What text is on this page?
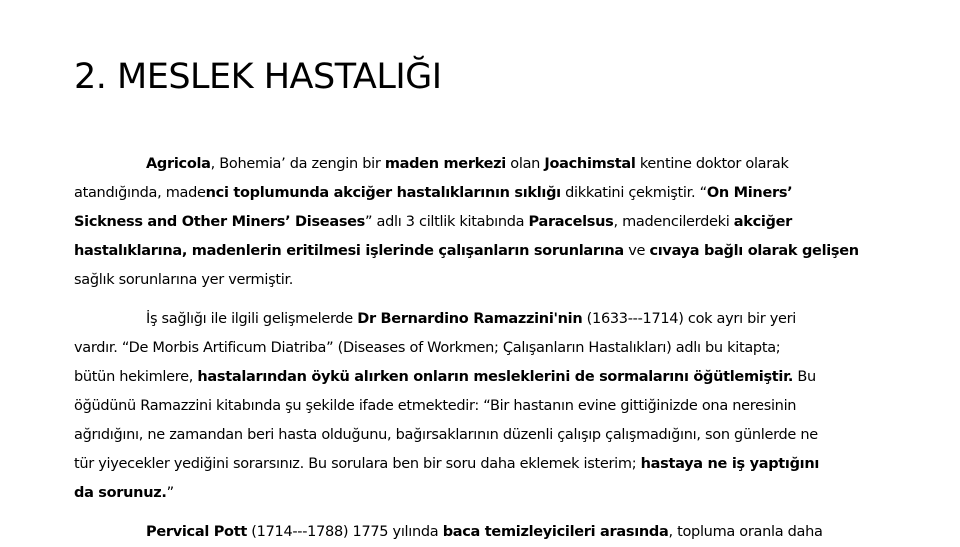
2. MESLEK HASTALIĞI
Agricola, Bohemia’ da zengin bir maden merkezi olan Joachimstal kentine doktor olarak
atandığında, madenci toplumunda akciğer hastalıklarının sıklığı dikkatini çekmiştir. “On Miners’
Sickness and Other Miners’ Diseases” adlı 3 ciltlik kitabında Paracelsus, madencilerdeki akciğer
hastalıklarına, madenlerin eritilmesi işlerinde çalışanların sorunlarına ve cıvaya bağlı olarak gelişen
sağlık sorunlarına yer vermiştir.
İş sağlığı ile ilgili gelişmelerde Dr Bernardino Ramazzini'nin (1633---1714) cok ayrı bir yeri
vardır. “De Morbis Artificum Diatriba” (Diseases of Workmen; Çalışanların Hastalıkları) adlı bu kitapta;
bütün hekimlere, hastalarından öykü alırken onların mesleklerini de sormalarını öğütlemiştir. Bu
öğüdünü Ramazzini kitabında şu şekilde ifade etmektedir: “Bir hastanın evine gittiğinizde ona neresinin
ağrıdığını, ne zamandan beri hasta olduğunu, bağırsaklarının düzenli çalışıp çalışmadığını, son günlerde ne
tür yiyecekler yediğini sorarsınız. Bu sorulara ben bir soru daha eklemek isterim; hastaya ne iş yaptığını
da sorunuz.”
Pervical Pott (1714---1788) 1775 yılında baca temizleyicileri arasında, topluma oranla daha
